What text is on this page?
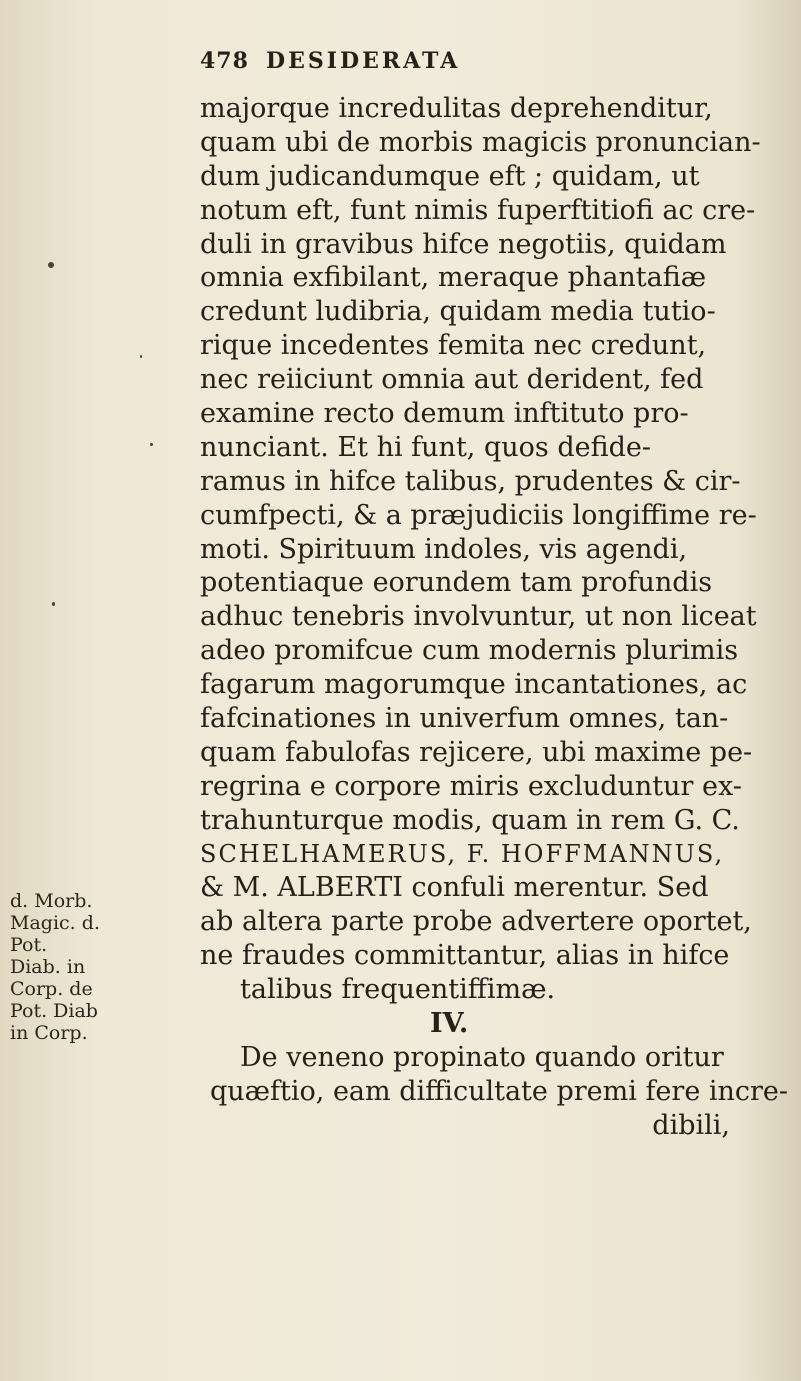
478 DESIDERATA
majorque incredulitas deprehenditur,
quam ubi de morbis magicis pronuncian-
dum judicandumque eft ; quidam, ut
notum eft, funt nimis fuperftitiofi ac cre-
duli in gravibus hifce negotiis, quidam
omnia exfibilant, meraque phantafiæ
credunt ludibria, quidam media tutio-
rique incedentes femita nec credunt,
nec reiiciunt omnia aut derident, fed
examine recto demum inftituto pro-
nunciant. Et hi funt, quos defide-
ramus in hifce talibus, prudentes & cir-
cumfpecti, & a præjudiciis longiffime re-
moti. Spirituum indoles, vis agendi,
potentiaque eorundem tam profundis
adhuc tenebris involvuntur, ut non liceat
adeo promifcue cum modernis plurimis
fagarum magorumque incantationes, ac
fafcinationes in univerfum omnes, tan-
quam fabulofas rejicere, ubi maxime pe-
regrina e corpore miris excluduntur ex-
trahunturque modis, quam in rem G. C.
SCHELHAMERUS, F. HOFFMANNUS,
& M. ALBERTI confuli merentur. Sed
ab altera parte probe advertere oportet,
ne fraudes committantur, alias in hifce
talibus frequentiffimæ.
IV.
De veneno propinato quando oritur
quæftio, eam difficultate premi fere incre-
dibili,
d. Morb.
Magic. d.
Pot.
Diab. in
Corp. de
Pot. Diab
in Corp.
